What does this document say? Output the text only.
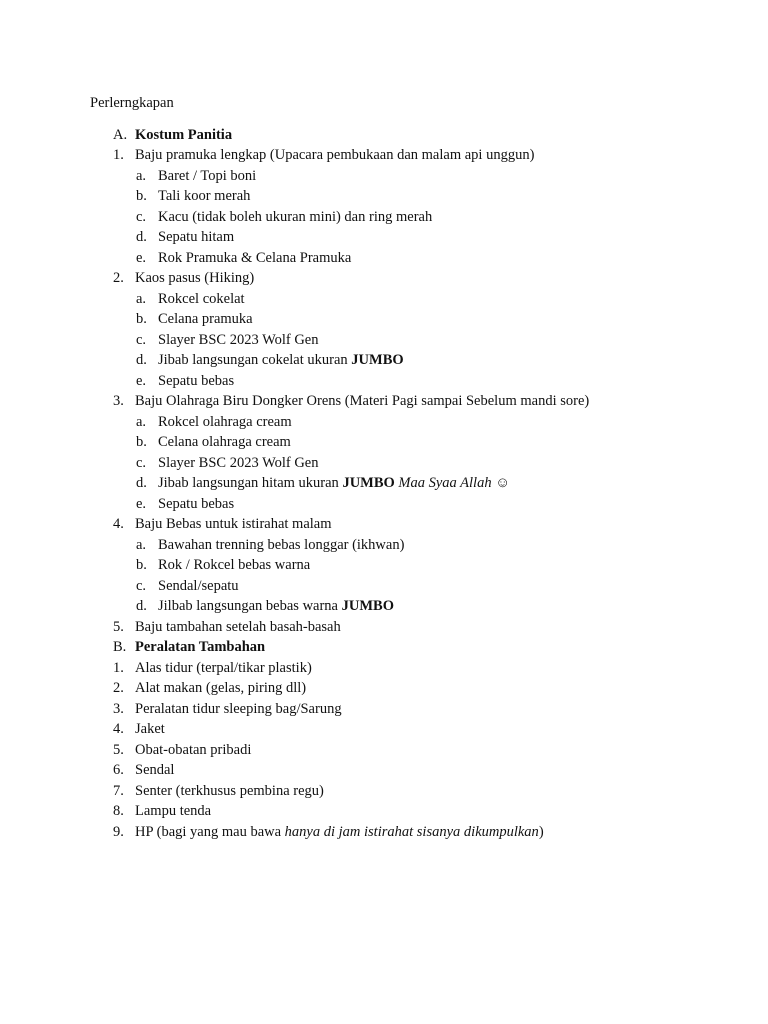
Perlerngkapan
A. Kostum Panitia
1. Baju pramuka lengkap (Upacara pembukaan dan malam api unggun)
a. Baret / Topi boni
b. Tali koor merah
c. Kacu (tidak boleh ukuran mini) dan ring merah
d. Sepatu hitam
e. Rok Pramuka & Celana Pramuka
2. Kaos pasus (Hiking)
a. Rokcel cokelat
b. Celana pramuka
c. Slayer BSC 2023 Wolf Gen
d. Jibab langsungan cokelat ukuran JUMBO
e. Sepatu bebas
3. Baju Olahraga Biru Dongker Orens (Materi Pagi sampai Sebelum mandi sore)
a. Rokcel olahraga cream
b. Celana olahraga cream
c. Slayer BSC 2023 Wolf Gen
d. Jibab langsungan hitam ukuran JUMBO Maa Syaa Allah ☺
e. Sepatu bebas
4. Baju Bebas untuk istirahat malam
a. Bawahan trenning bebas longgar (ikhwan)
b. Rok / Rokcel bebas warna
c. Sendal/sepatu
d. Jilbab langsungan bebas warna JUMBO
5. Baju tambahan setelah basah-basah
B. Peralatan Tambahan
1. Alas tidur (terpal/tikar plastik)
2. Alat makan (gelas, piring dll)
3. Peralatan tidur sleeping bag/Sarung
4. Jaket
5. Obat-obatan pribadi
6. Sendal
7. Senter (terkhusus pembina regu)
8. Lampu tenda
9. HP (bagi yang mau bawa hanya di jam istirahat sisanya dikumpulkan)
